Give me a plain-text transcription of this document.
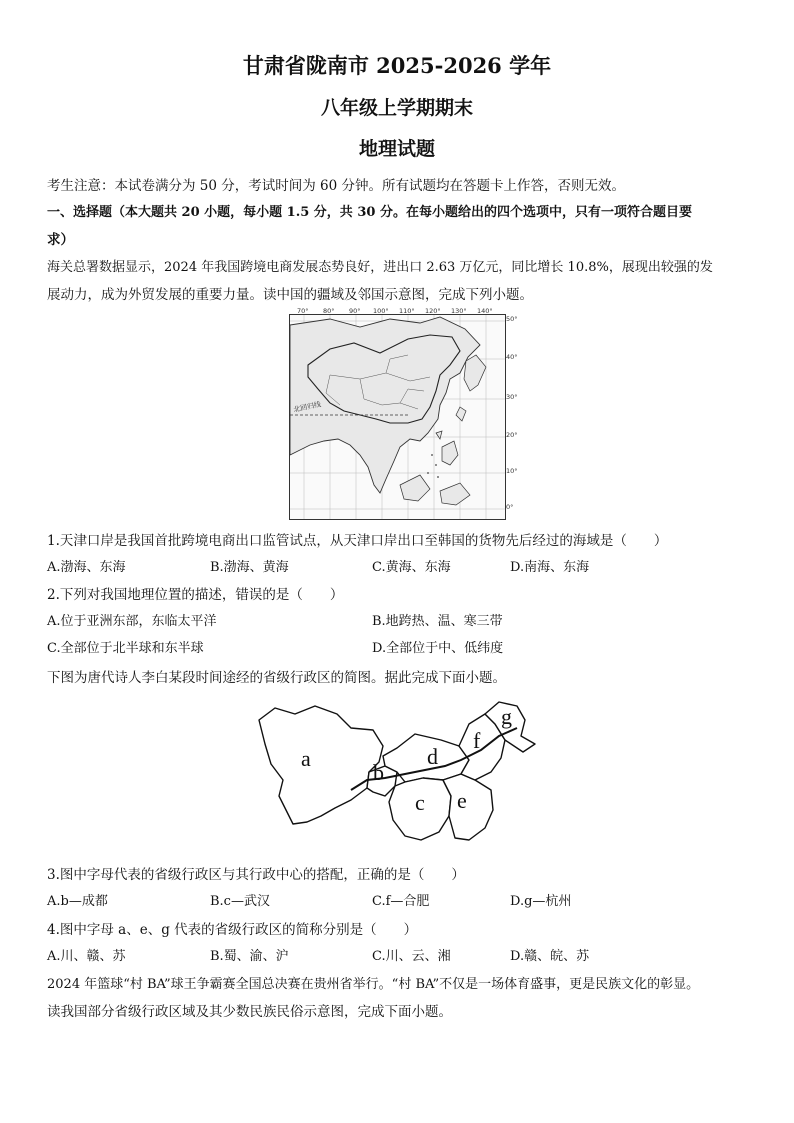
甘肃省陇南市 2025-2026 学年
八年级上学期期末
地理试题
考生注意：本试卷满分为 50 分，考试时间为 60 分钟。所有试题均在答题卡上作答，否则无效。
一、选择题（本大题共 20 小题，每小题 1.5 分，共 30 分。在每小题给出的四个选项中，只有一项符合题目要
求）
海关总署数据显示，2024 年我国跨境电商发展态势良好，进出口 2.63 万亿元，同比增长 10.8%，展现出较强的发
展动力，成为外贸发展的重要力量。读中国的疆域及邻国示意图，完成下列小题。
北回归线
70° 80° 90° 100° 110° 120° 130° 140°
50°
40°
30°
20°
10°
0°
1.天津口岸是我国首批跨境电商出口监管试点，从天津口岸出口至韩国的货物先后经过的海域是（　　）
A.渤海、东海	B.渤海、黄海	C.黄海、东海	D.南海、东海
2.下列对我国地理位置的描述，错误的是（　　）
A.位于亚洲东部，东临太平洋	B.地跨热、温、寒三带
C.全部位于北半球和东半球	D.全部位于中、低纬度
下图为唐代诗人李白某段时间途经的省级行政区的简图。据此完成下面小题。
a
b
c
d
e
f
g
3.图中字母代表的省级行政区与其行政中心的搭配，正确的是（　　）
A.b—成都	B.c—武汉	C.f—合肥	D.g—杭州
4.图中字母 a、e、g 代表的省级行政区的简称分别是（　　）
A.川、赣、苏	B.蜀、渝、沪	C.川、云、湘	D.赣、皖、苏
2024 年篮球“村 BA”球王争霸赛全国总决赛在贵州省举行。“村 BA”不仅是一场体育盛事，更是民族文化的彰显。
读我国部分省级行政区域及其少数民族民俗示意图，完成下面小题。
